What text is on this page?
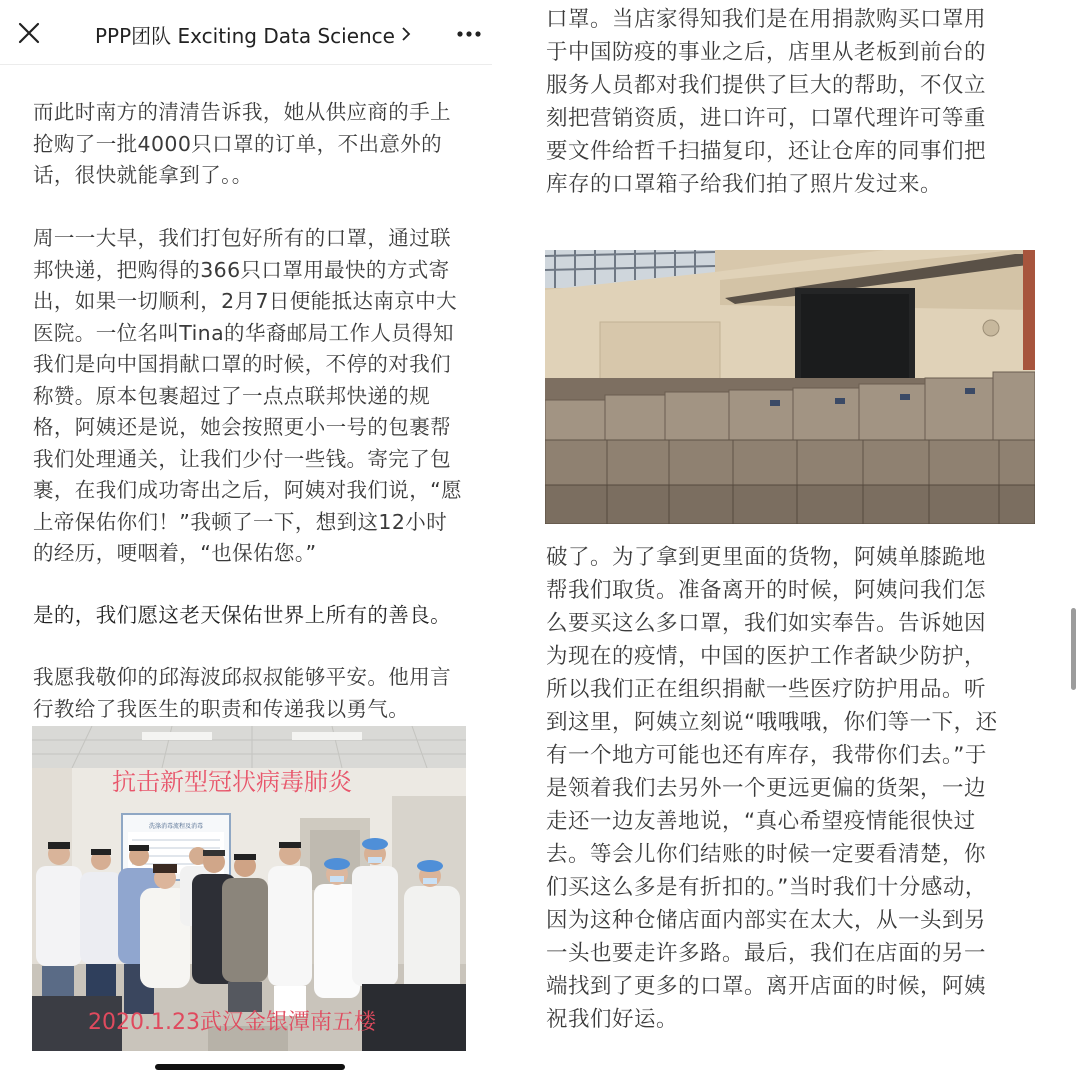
PPP团队 Exciting Data Science
而此时南方的清清告诉我，她从供应商的手上
抢购了一批4000只口罩的订单，不出意外的
话，很快就能拿到了。。
周一一大早，我们打包好所有的口罩，通过联
邦快递，把购得的366只口罩用最快的方式寄
出，如果一切顺利，2月7日便能抵达南京中大
医院。一位名叫Tina的华裔邮局工作人员得知
我们是向中国捐献口罩的时候，不停的对我们
称赞。原本包裹超过了一点点联邦快递的规
格，阿姨还是说，她会按照更小一号的包裹帮
我们处理通关，让我们少付一些钱。寄完了包
裹，在我们成功寄出之后，阿姨对我们说，“愿
上帝保佑你们！”我顿了一下，想到这12小时
的经历，哽咽着，“也保佑您。”
是的，我们愿这老天保佑世界上所有的善良。
我愿我敬仰的邱海波邱叔叔能够平安。他用言
行教给了我医生的职责和传递我以勇气。
洗涤消毒流程及消毒
抗击新型冠状病毒肺炎
2020.1.23武汉金银潭南五楼
口罩。当店家得知我们是在用捐款购买口罩用
于中国防疫的事业之后，店里从老板到前台的
服务人员都对我们提供了巨大的帮助，不仅立
刻把营销资质，进口许可，口罩代理许可等重
要文件给哲千扫描复印，还让仓库的同事们把
库存的口罩箱子给我们拍了照片发过来。
破了。为了拿到更里面的货物，阿姨单膝跪地
帮我们取货。准备离开的时候，阿姨问我们怎
么要买这么多口罩，我们如实奉告。告诉她因
为现在的疫情，中国的医护工作者缺少防护，
所以我们正在组织捐献一些医疗防护用品。听
到这里，阿姨立刻说“哦哦哦，你们等一下，还
有一个地方可能也还有库存，我带你们去。”于
是领着我们去另外一个更远更偏的货架，一边
走还一边友善地说，“真心希望疫情能很快过
去。等会儿你们结账的时候一定要看清楚，你
们买这么多是有折扣的。”当时我们十分感动，
因为这种仓储店面内部实在太大，从一头到另
一头也要走许多路。最后，我们在店面的另一
端找到了更多的口罩。离开店面的时候，阿姨
祝我们好运。
